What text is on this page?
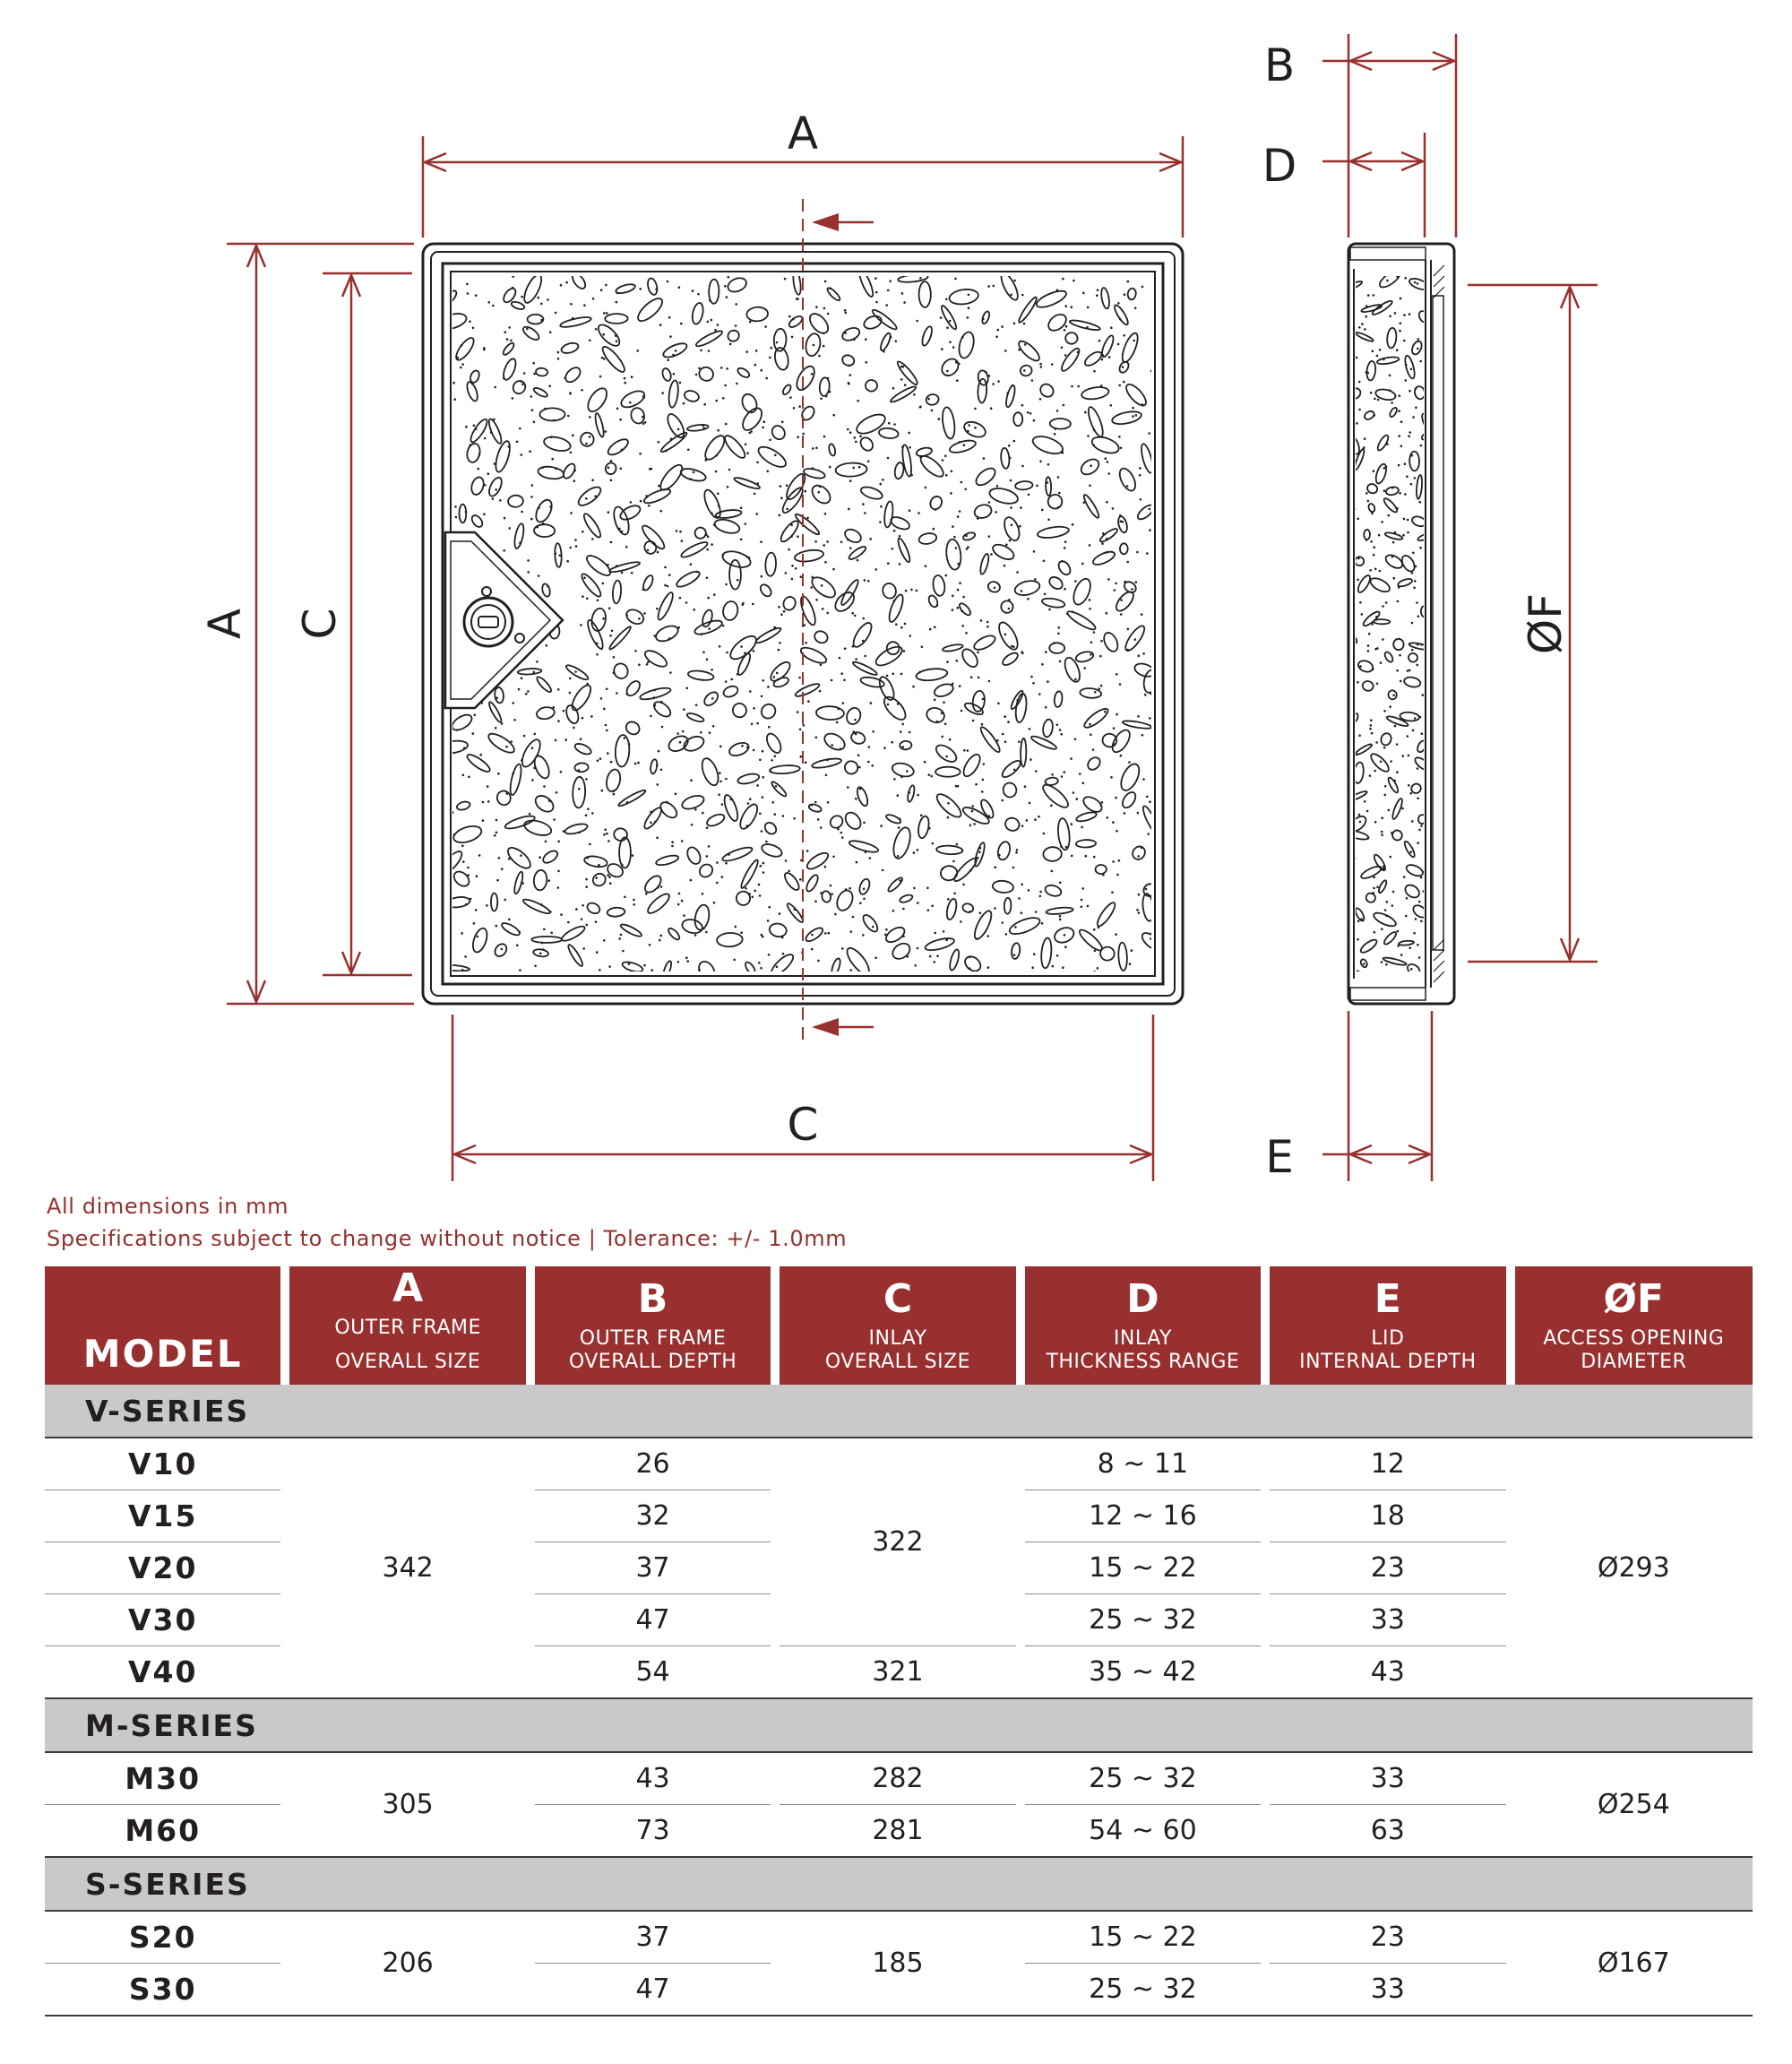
A
A C
C
B
D
E
ØF
All dimensions in mm
Specifications subject to change without notice | Tolerance: +/- 1.0mm
MODEL		A
OUTER FRAME
OVERALL SIZE		B
OUTER FRAME
OVERALL DEPTH		C
INLAY
OVERALL SIZE		D
INLAY
THICKNESS RANGE		E
LID
INTERNAL DEPTH		ØF
ACCESS OPENING
DIAMETER

V-SERIES												
V10		342		26		322		8 ~ 11		12		Ø293
V15				32				12 ~ 16		18		
V20				37				15 ~ 22		23		
V30				47				25 ~ 32		33		
V40				54		321		35 ~ 42		43		
M-SERIES												
M30		305		43		282		25 ~ 32		33		Ø254
M60				73		281		54 ~ 60		63		
S-SERIES												
S20		206		37		185		15 ~ 22		23		Ø167
S30				47				25 ~ 32		33		
